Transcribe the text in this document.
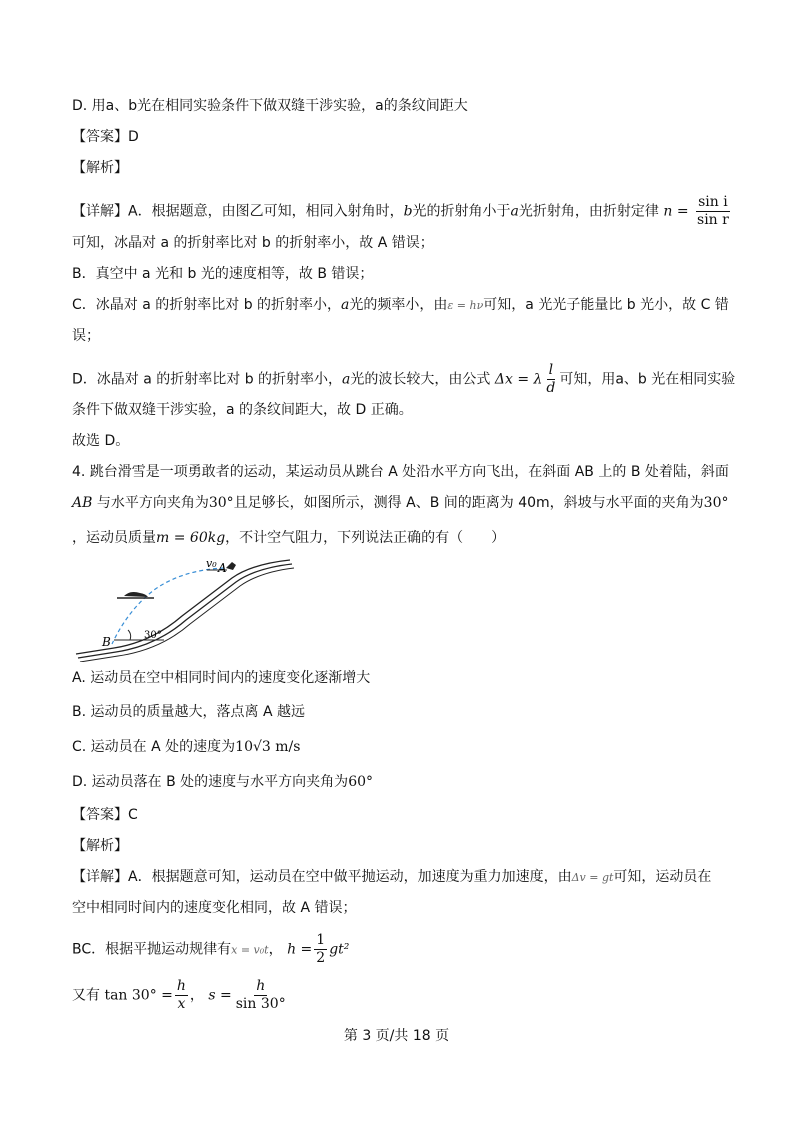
D. 用a、b光在相同实验条件下做双缝干涉实验，a的条纹间距大
【答案】D
【解析】
【详解】A．根据题意，由图乙可知，相同入射角时，b光的折射角小于a光折射角，由折射定律 $n = \frac{\text{sin i}}{\text{sin r}}$
可知，冰晶对 a 的折射率比对 b 的折射率小，故 A 错误；
B．真空中 a 光和 b 光的速度相等，故 B 错误；
C．冰晶对 a 的折射率比对 b 的折射率小，a光的频率小，由ε = hν可知，a 光光子能量比 b 光小，故 C 错
误；
D．冰晶对 a 的折射率比对 b 的折射率小，a光的波长较大，由公式 Δx = λ $\frac{l}{d}$ 可知，用a、b 光在相同实验
条件下做双缝干涉实验，a 的条纹间距大，故 D 正确。
故选 D。
4. 跳台滑雪是一项勇敢者的运动，某运动员从跳台 A 处沿水平方向飞出，在斜面 AB 上的 B 处着陆，斜面
AB 与水平方向夹角为30°且足够长，如图所示，测得 A、B 间的距离为 40m，斜坡与水平面的夹角为30°
，运动员质量m = 60kg，不计空气阻力，下列说法正确的有（　　）
v₀ A
B	30°
A. 运动员在空中相同时间内的速度变化逐渐增大
B. 运动员的质量越大，落点离 A 越远
C. 运动员在 A 处的速度为10√3 m/s
D. 运动员落在 B 处的速度与水平方向夹角为60°
【答案】C
【解析】
【详解】A．根据题意可知，运动员在空中做平抛运动，加速度为重力加速度，由Δv = gt可知，运动员在
空中相同时间内的速度变化相同，故 A 错误；
BC．根据平抛运动规律有x = v₀t， $h = \frac{1}{2} gt^2$
又有 $\tan 30^\circ = \frac{h}{x}$ ， $s = \frac{h}{\sin 30^\circ}$
第 3 页/共 18 页
